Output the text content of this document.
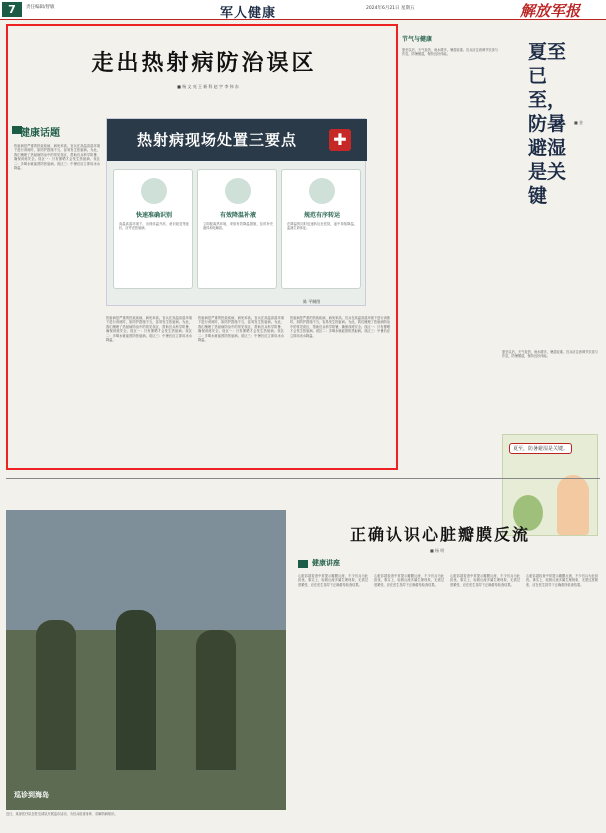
7	责任编辑/智敏	军人健康	2024年6月21日 星期五	解放军报
走出热射病防治误区
■ 杨 文 亮 王 新 科 赵 宇 李 伟 东
健康话题
热射病是严重的热致疾病，病死率高。官兵在高温高湿环境下进行训练时，如防护措施不当，容易发生热射病。为此，我们梳理了热射病防治中的常见误区，帮助官兵科学防暑，确保训练安全。误区一：只有暴晒才会发生热射病。误区二：多喝水就能预防热射病。误区三：中暑后应立即用冰水降温。
热射病是严重的热致疾病，病死率高。官兵在高温高湿环境下进行训练时，如防护措施不当，容易发生热射病。为此，我们梳理了热射病防治中的常见误区，帮助官兵科学防暑，确保训练安全。误区一：只有暴晒才会发生热射病。误区二：多喝水就能预防热射病。误区三：中暑后应立即用冰水降温。
热射病是严重的热致疾病，病死率高。官兵在高温高湿环境下进行训练时，如防护措施不当，容易发生热射病。为此，我们梳理了热射病防治中的常见误区，帮助官兵科学防暑，确保训练安全。误区一：只有暴晒才会发生热射病。误区二：多喝水就能预防热射病。误区三：中暑后应立即用冰水降温。
热射病是严重的热致疾病，病死率高。官兵在高温高湿环境下进行训练时，如防护措施不当，容易发生热射病。为此，我们梳理了热射病防治中的常见误区，帮助官兵科学防暑，确保训练安全。误区一：只有暴晒才会发生热射病。误区二：多喝水就能预防热射病。误区三：中暑后应立即用冰水降温。
热射病现场处置三要点 ✚
快速准确识别
高温高湿环境下，出现体温升高、意识改变等症状，应考虑热射病。
有效降温补液
立即脱离热环境，采取有效降温措施，及时补充液体和电解质。
规范有序转运
在降温的同时迅速转运至医院，途中持续降温，监测生命体征。
陈 平制图
节气与健康
夏至以后，天气炎热，雨水增多，暑湿较重。官兵应注意调节饮食与作息，防暑避湿，保持良好体能。	夏至已至，防暑避湿是关键
■ 金
夏至以后，天气炎热，雨水增多，暑湿较重。官兵应注意调节饮食与作息，防暑避湿，保持良好体能。
夏至，防暑避湿是关键。
巡诊到海岛
近日，某部医疗队在驻岛部队开展巡诊活动，为官兵检查身体、讲解防病知识。
正确认识心脏瓣膜反流
■ 杨 明
健康讲座
心脏彩超检查中常提示瓣膜反流，不少官兵为此担忧。事实上，轻微反流多属生理现象，无需过度紧张，应在医生指导下正确看待检查结果。
心脏彩超检查中常提示瓣膜反流，不少官兵为此担忧。事实上，轻微反流多属生理现象，无需过度紧张，应在医生指导下正确看待检查结果。
心脏彩超检查中常提示瓣膜反流，不少官兵为此担忧。事实上，轻微反流多属生理现象，无需过度紧张，应在医生指导下正确看待检查结果。
心脏彩超检查中常提示瓣膜反流，不少官兵为此担忧。事实上，轻微反流多属生理现象，无需过度紧张，应在医生指导下正确看待检查结果。
